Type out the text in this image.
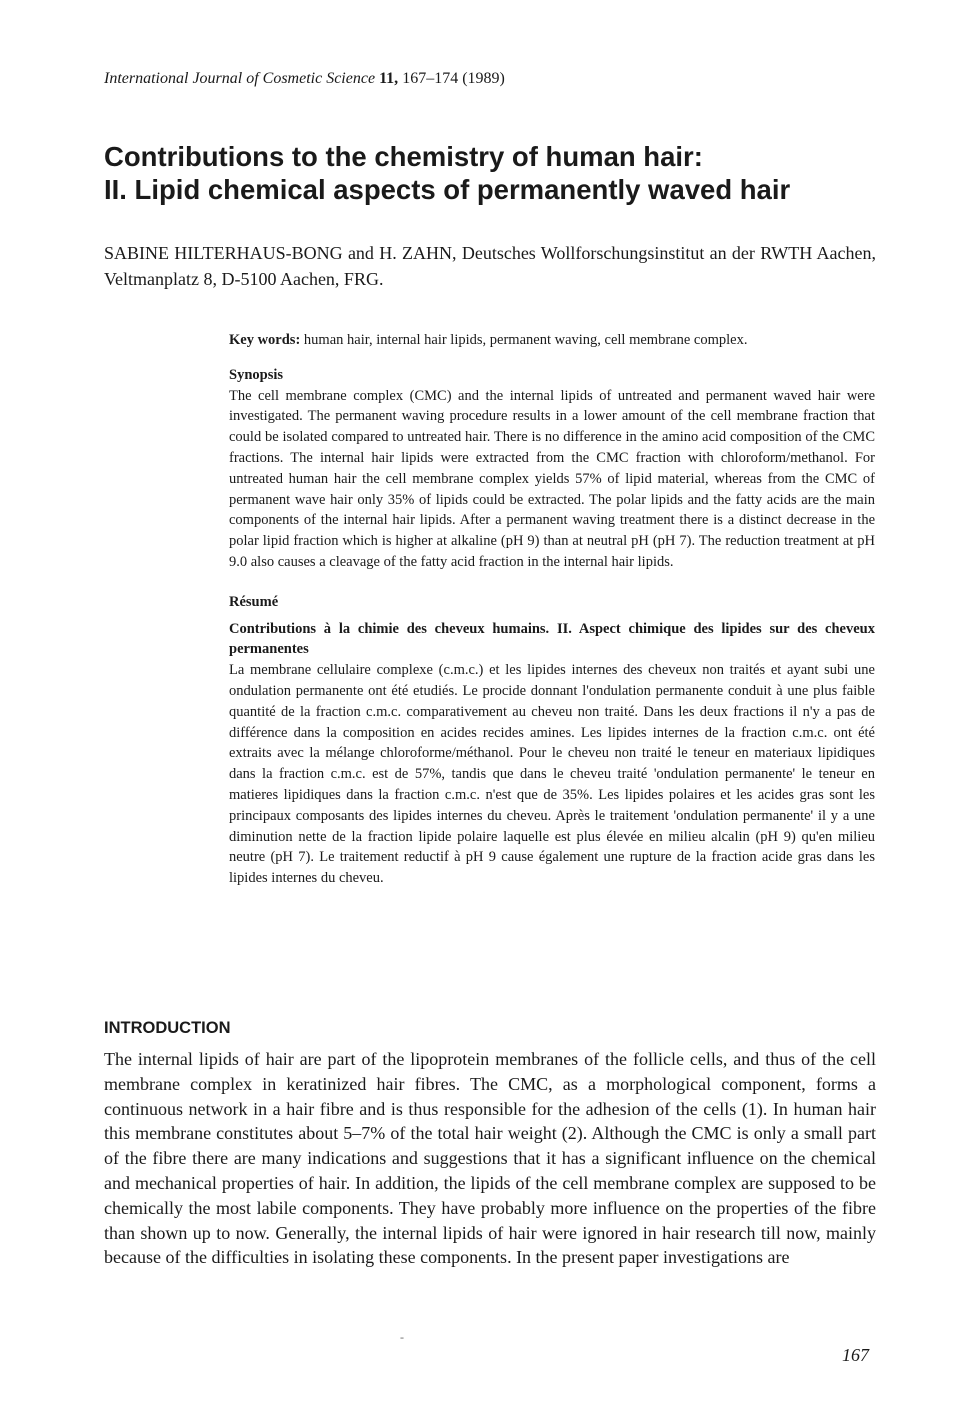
International Journal of Cosmetic Science 11, 167–174 (1989)
Contributions to the chemistry of human hair:
II. Lipid chemical aspects of permanently waved hair

SABINE HILTERHAUS-BONG and H. ZAHN, Deutsches Wollforschungsinstitut an der RWTH Aachen, Veltmanplatz 8, D-5100 Aachen, FRG.

Key words: human hair, internal hair lipids, permanent waving, cell membrane complex.

Synopsis

The cell membrane complex (CMC) and the internal lipids of untreated and permanent waved hair were investigated. The permanent waving procedure results in a lower amount of the cell membrane fraction that could be isolated compared to untreated hair. There is no difference in the amino acid composition of the CMC fractions. The internal hair lipids were extracted from the CMC fraction with chloroform/methanol. For untreated human hair the cell membrane complex yields 57% of lipid material, whereas from the CMC of permanent wave hair only 35% of lipids could be extracted. The polar lipids and the fatty acids are the main components of the internal hair lipids. After a permanent waving treatment there is a distinct decrease in the polar lipid fraction which is higher at alkaline (pH 9) than at neutral pH (pH 7). The reduction treatment at pH 9.0 also causes a cleavage of the fatty acid fraction in the internal hair lipids.

Résumé

Contributions à la chimie des cheveux humains. II. Aspect chimique des lipides sur des cheveux permanentes

La membrane cellulaire complexe (c.m.c.) et les lipides internes des cheveux non traités et ayant subi une ondulation permanente ont été etudiés. Le procide donnant l'ondulation permanente conduit à une plus faible quantité de la fraction c.m.c. comparativement au cheveu non traité. Dans les deux fractions il n'y a pas de différence dans la composition en acides recides amines. Les lipides internes de la fraction c.m.c. ont été extraits avec la mélange chloroforme/méthanol. Pour le cheveu non traité le teneur en materiaux lipidiques dans la fraction c.m.c. est de 57%, tandis que dans le cheveu traité 'ondulation permanente' le teneur en matieres lipidiques dans la fraction c.m.c. n'est que de 35%. Les lipides polaires et les acides gras sont les principaux composants des lipides internes du cheveu. Après le traitement 'ondulation permanente' il y a une diminution nette de la fraction lipide polaire laquelle est plus élevée en milieu alcalin (pH 9) qu'en milieu neutre (pH 7). Le traitement reductif à pH 9 cause également une rupture de la fraction acide gras dans les lipides internes du cheveu.

INTRODUCTION

The internal lipids of hair are part of the lipoprotein membranes of the follicle cells, and thus of the cell membrane complex in keratinized hair fibres. The CMC, as a morphological component, forms a continuous network in a hair fibre and is thus responsible for the adhesion of the cells (1). In human hair this membrane constitutes about 5–7% of the total hair weight (2). Although the CMC is only a small part of the fibre there are many indications and suggestions that it has a significant influence on the chemical and mechanical properties of hair. In addition, the lipids of the cell membrane complex are supposed to be chemically the most labile components. They have probably more influence on the properties of the fibre than shown up to now. Generally, the internal lipids of hair were ignored in hair research till now, mainly because of the difficulties in isolating these components. In the present paper investigations are

-
167
